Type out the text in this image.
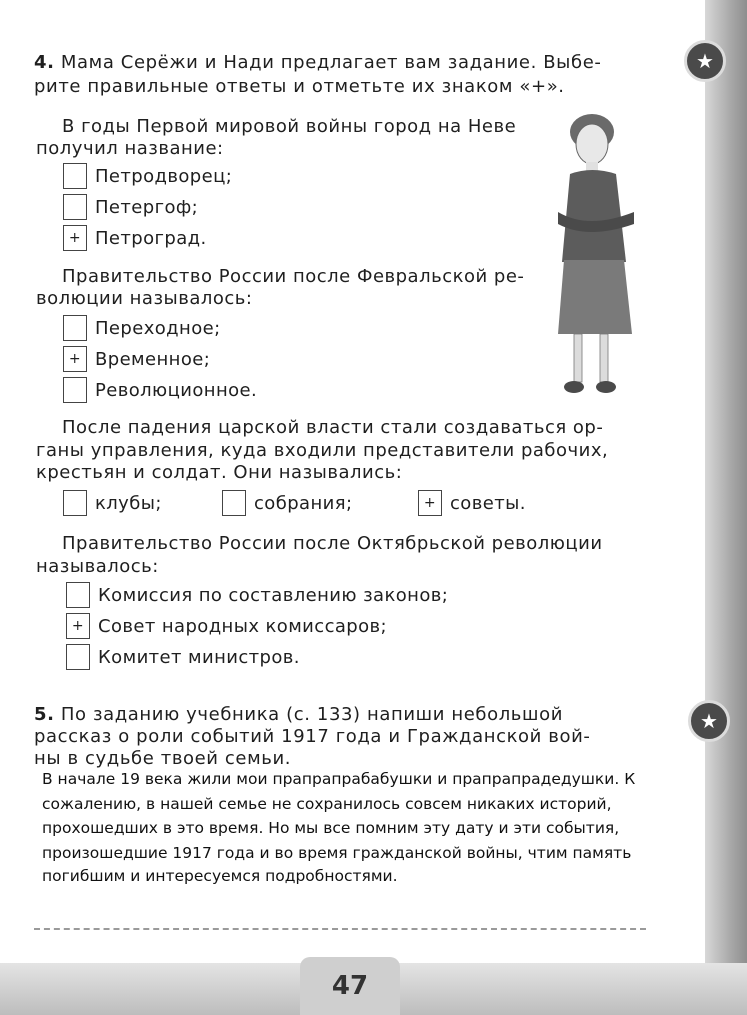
4. Мама Серёжи и Нади предлагает вам задание. Выбе-
рите правильные ответы и отметьте их знаком «+».
★
В годы Первой мировой войны город на Неве
получил название:
Петродворец;
Петергоф;
+ Петроград.
Правительство России после Февральской ре-
волюции называлось:
Переходное;
+ Временное;
Революционное.
После падения царской власти стали создаваться ор-
ганы управления, куда входили представители рабочих,
крестьян и солдат. Они назывались:
клубы;	собрания;	+ советы.
Правительство России после Октябрьской революции
называлось:
Комиссия по составлению законов;
+ Совет народных комиссаров;
Комитет министров.
★
5. По заданию учебника (с. 133) напиши небольшой
рассказ о роли событий 1917 года и Гражданской вой-
ны в судьбе твоей семьи.
В начале 19 века жили мои прапрапрабабушки и прапрапрадедушки. К
сожалению, в нашей семье не сохранилось совсем никаких историй,
прохошедших в это время. Но мы все помним эту дату и эти события,
произошедшие 1917 года и во время гражданской войны, чтим память
погибшим и интересуемся подробностями.
47
